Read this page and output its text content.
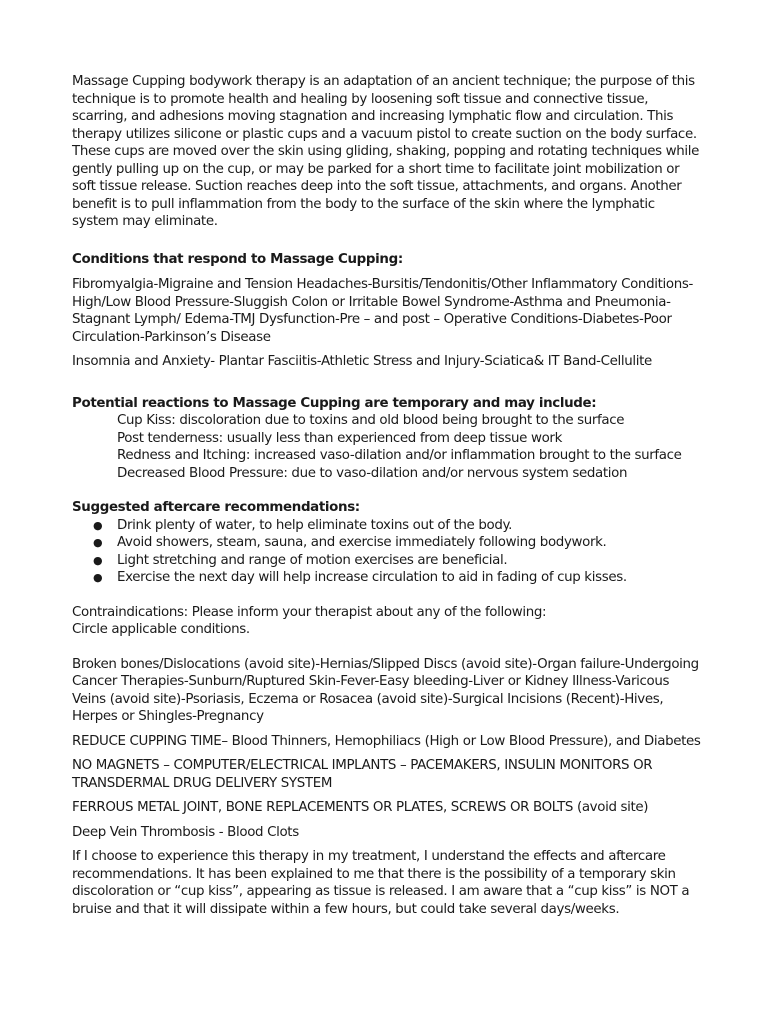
Massage Cupping bodywork therapy is an adaptation of an ancient technique; the purpose of this technique is to promote health and healing by loosening soft tissue and connective tissue, scarring, and adhesions moving stagnation and increasing lymphatic flow and circulation. This therapy utilizes silicone or plastic cups and a vacuum pistol to create suction on the body surface. These cups are moved over the skin using gliding, shaking, popping and rotating techniques while gently pulling up on the cup, or may be parked for a short time to facilitate joint mobilization or soft tissue release. Suction reaches deep into the soft tissue, attachments, and organs. Another benefit is to pull inflammation from the body to the surface of the skin where the lymphatic system may eliminate.

Conditions that respond to Massage Cupping:

Fibromyalgia-Migraine and Tension Headaches-Bursitis/Tendonitis/Other Inflammatory Conditions- High/Low Blood Pressure-Sluggish Colon or Irritable Bowel Syndrome-Asthma and Pneumonia-Stagnant Lymph/ Edema-TMJ Dysfunction-Pre – and post – Operative Conditions-Diabetes-Poor Circulation-Parkinson’s Disease

Insomnia and Anxiety- Plantar Fasciitis-Athletic Stress and Injury-Sciatica& IT Band-Cellulite

Potential reactions to Massage Cupping are temporary and may include:

Cup Kiss: discoloration due to toxins and old blood being brought to the surface

Post tenderness: usually less than experienced from deep tissue work

Redness and Itching: increased vaso-dilation and/or inflammation brought to the surface

Decreased Blood Pressure: due to vaso-dilation and/or nervous system sedation

Suggested aftercare recommendations:

● Drink plenty of water, to help eliminate toxins out of the body.
● Avoid showers, steam, sauna, and exercise immediately following bodywork.
● Light stretching and range of motion exercises are beneficial.
● Exercise the next day will help increase circulation to aid in fading of cup kisses.

Contraindications: Please inform your therapist about any of the following:

Circle applicable conditions.

Broken bones/Dislocations (avoid site)-Hernias/Slipped Discs (avoid site)-Organ failure-Undergoing Cancer Therapies-Sunburn/Ruptured Skin-Fever-Easy bleeding-Liver or Kidney Illness-Varicous Veins (avoid site)-Psoriasis, Eczema or Rosacea (avoid site)-Surgical Incisions (Recent)-Hives, Herpes or Shingles-Pregnancy

REDUCE CUPPING TIME– Blood Thinners, Hemophiliacs (High or Low Blood Pressure), and Diabetes

NO MAGNETS – COMPUTER/ELECTRICAL IMPLANTS – PACEMAKERS, INSULIN MONITORS OR TRANSDERMAL DRUG DELIVERY SYSTEM

FERROUS METAL JOINT, BONE REPLACEMENTS OR PLATES, SCREWS OR BOLTS (avoid site)

Deep Vein Thrombosis - Blood Clots

If I choose to experience this therapy in my treatment, I understand the effects and aftercare recommendations. It has been explained to me that there is the possibility of a temporary skin discoloration or “cup kiss”, appearing as tissue is released. I am aware that a “cup kiss” is NOT a bruise and that it will dissipate within a few hours, but could take several days/weeks.
